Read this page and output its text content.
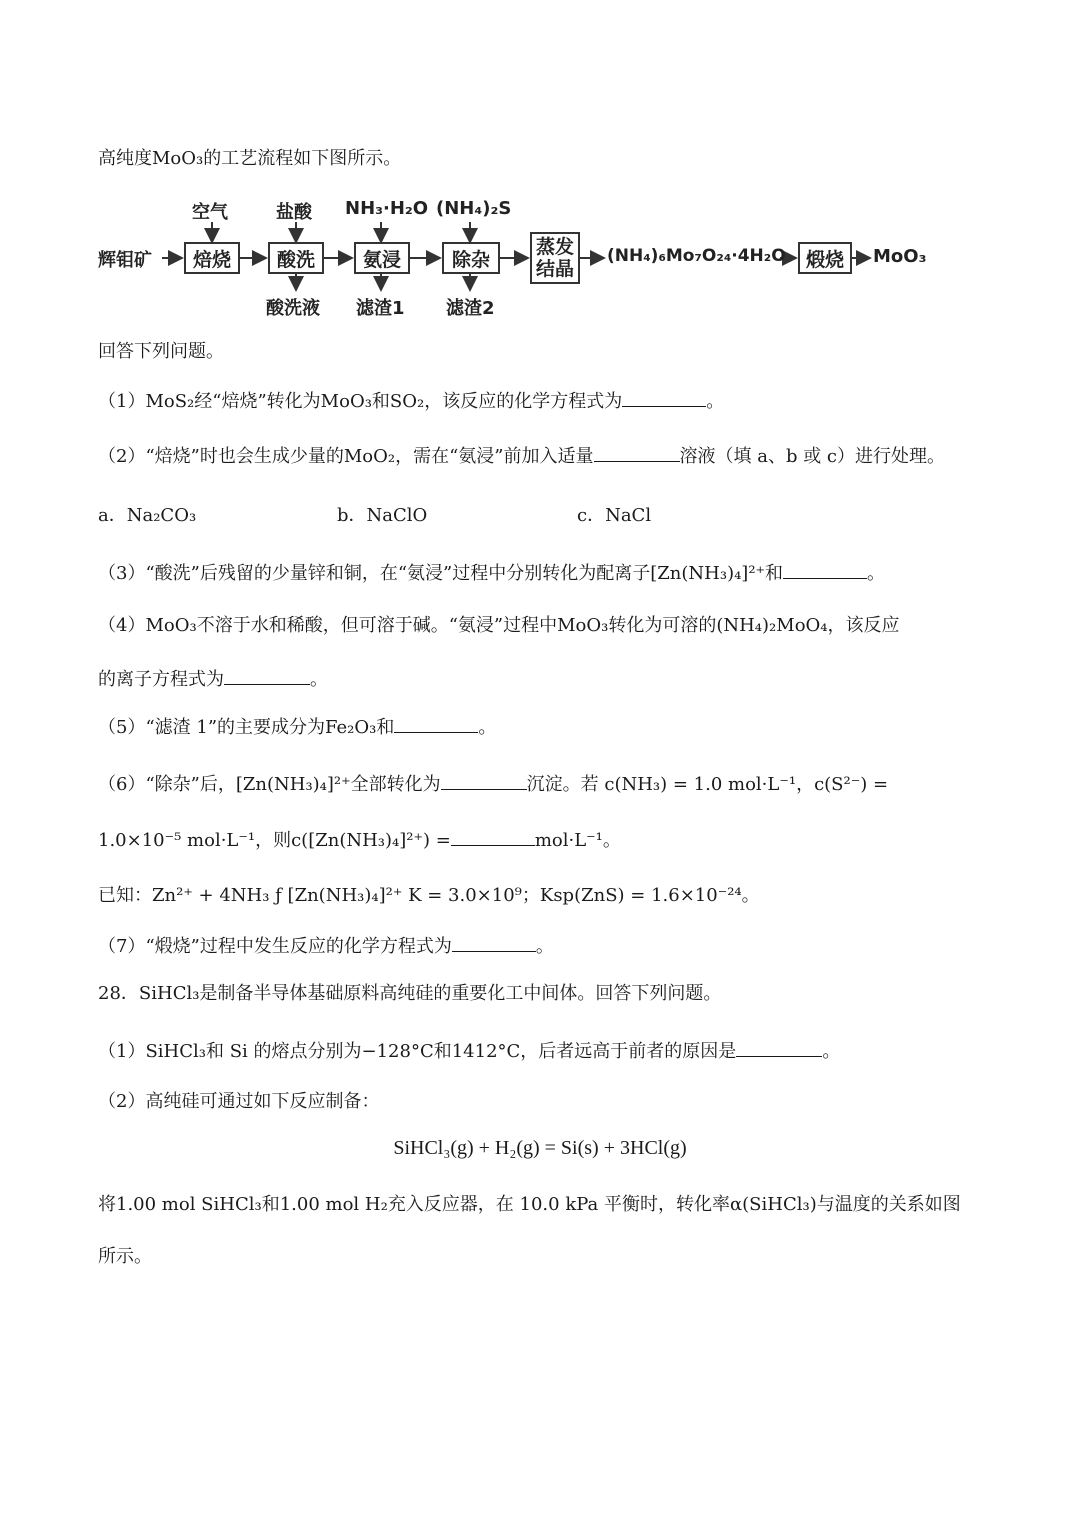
高纯度MoO₃的工艺流程如下图所示。
辉钼矿	焙烧	酸洗	氨浸	除杂
蒸发
结晶	煅烧
空气	盐酸 NH₃·H₂O (NH₄)₂S
酸洗液 滤渣1 滤渣2
(NH₄)₆Mo₇O₂₄·4H₂O	MoO₃
回答下列问题。
（1）MoS₂经“焙烧”转化为MoO₃和SO₂，该反应的化学方程式为	。
（2）“焙烧”时也会生成少量的MoO₂，需在“氨浸”前加入适量	溶液（填 a、b 或 c）进行处理。
a．Na₂CO₃	b．NaClO	c．NaCl
（3）“酸洗”后残留的少量锌和铜，在“氨浸”过程中分别转化为配离子[Zn(NH₃)₄]²⁺和	。
（4）MoO₃不溶于水和稀酸，但可溶于碱。“氨浸”过程中MoO₃转化为可溶的(NH₄)₂MoO₄，该反应
的离子方程式为	。
（5）“滤渣 1”的主要成分为Fe₂O₃和	。
（6）“除杂”后，[Zn(NH₃)₄]²⁺全部转化为	沉淀。若 c(NH₃) = 1.0 mol·L⁻¹，c(S²⁻) =
1.0×10⁻⁵ mol·L⁻¹，则c([Zn(NH₃)₄]²⁺) =	mol·L⁻¹。
已知：Zn²⁺ + 4NH₃ ƒ [Zn(NH₃)₄]²⁺ K = 3.0×10⁹；Ksp(ZnS) = 1.6×10⁻²⁴。
（7）“煅烧”过程中发生反应的化学方程式为	。
28．SiHCl₃是制备半导体基础原料高纯硅的重要化工中间体。回答下列问题。
（1）SiHCl₃和 Si 的熔点分别为−128°C和1412°C，后者远高于前者的原因是	。
（2）高纯硅可通过如下反应制备：
SiHCl₃(g) + H₂(g) = Si(s) + 3HCl(g)
将1.00 mol SiHCl₃和1.00 mol H₂充入反应器，在 10.0 kPa 平衡时，转化率α(SiHCl₃)与温度的关系如图
所示。
